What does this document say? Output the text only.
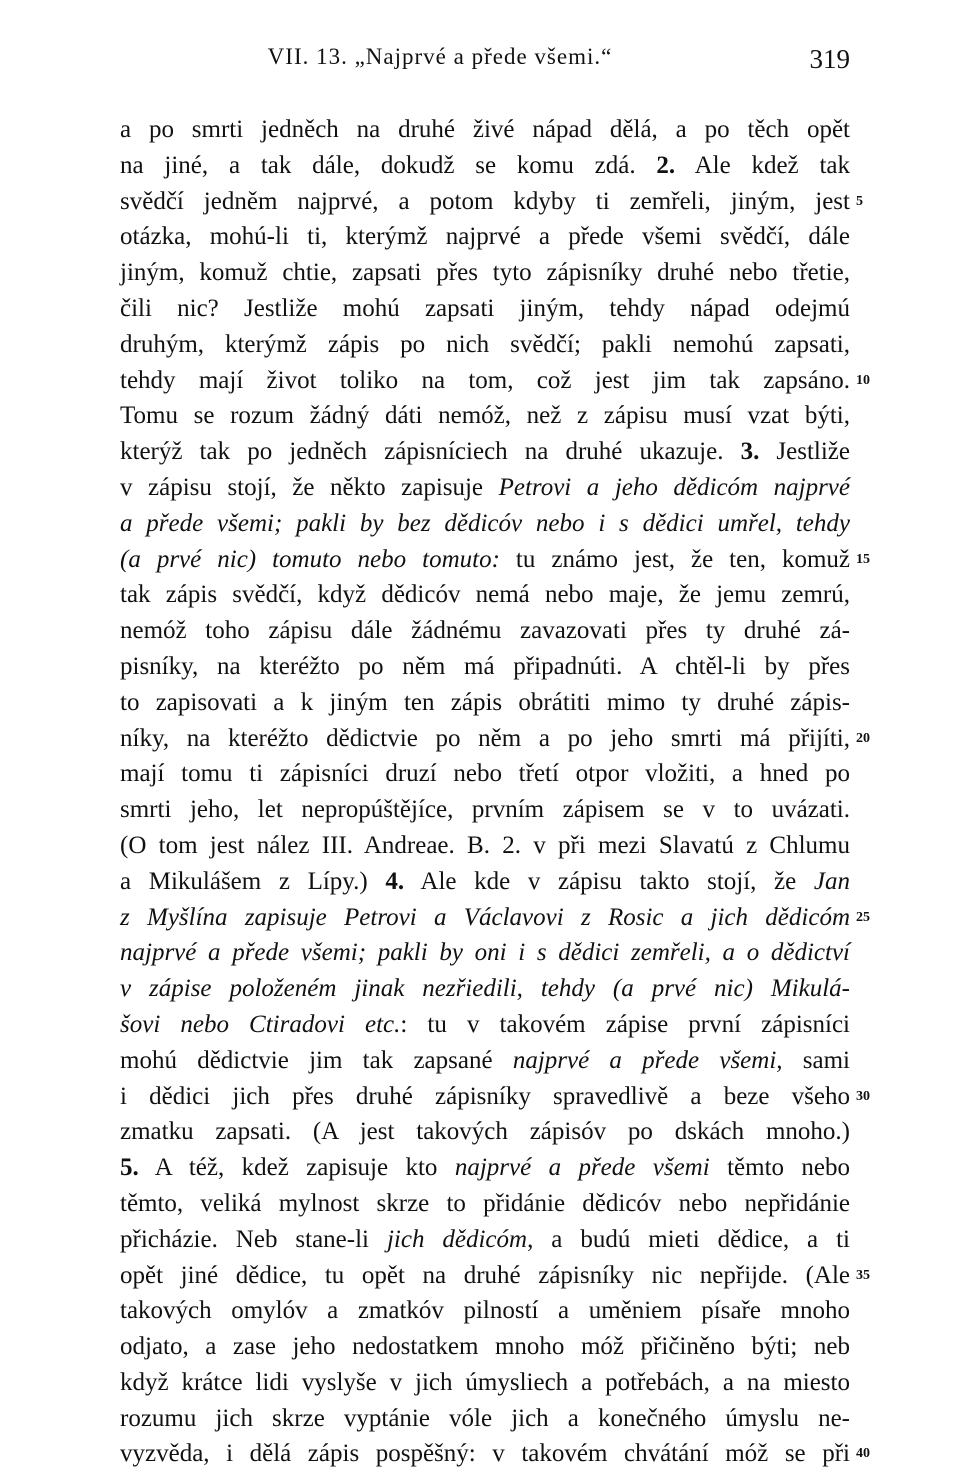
VII. 13. „Najprvé a přede všemi.“	319
a po smrti jedněch na druhé živé nápad dělá, a po těch opět
na jiné, a tak dále, dokudž se komu zdá. 2. Ale kdež tak
svědčí jedněm najprvé, a potom kdyby ti zemřeli, jiným, jest 5
otázka, mohú-li ti, kterýmž najprvé a přede všemi svědčí, dále
jiným, komuž chtie, zapsati přes tyto zápisníky druhé nebo třetie,
čili nic? Jestliže mohú zapsati jiným, tehdy nápad odejmú
druhým, kterýmž zápis po nich svědčí; pakli nemohú zapsati,
tehdy mají život toliko na tom, což jest jim tak zapsáno. 10
Tomu se rozum žádný dáti nemóž, než z zápisu musí vzat býti,
kterýž tak po jedněch zápisníciech na druhé ukazuje. 3. Jestliže
v zápisu stojí, že někto zapisuje Petrovi a jeho dědicóm najprvé
a přede všemi; pakli by bez dědicóv nebo i s dědici umřel, tehdy
(a prvé nic) tomuto nebo tomuto: tu známo jest, že ten, komuž 15
tak zápis svědčí, když dědicóv nemá nebo maje, že jemu zemrú,
nemóž toho zápisu dále žádnému zavazovati přes ty druhé zá-
pisníky, na kteréžto po něm má připadnúti. A chtěl-li by přes
to zapisovati a k jiným ten zápis obrátiti mimo ty druhé zápis-
níky, na kteréžto dědictvie po něm a po jeho smrti má přijíti, 20
mají tomu ti zápisníci druzí nebo třetí otpor vložiti, a hned po
smrti jeho, let nepropúštějíce, prvním zápisem se v to uvázati.
(O tom jest nález III. Andreae. B. 2. v při mezi Slavatú z Chlumu
a Mikulášem z Lípy.) 4. Ale kde v zápisu takto stojí, že Jan
z Myšlína zapisuje Petrovi a Václavovi z Rosic a jich dědicóm 25
najprvé a přede všemi; pakli by oni i s dědici zemřeli, a o dědictví
v zápise položeném jinak nezřiedili, tehdy (a prvé nic) Mikulá-
šovi nebo Ctiradovi etc.: tu v takovém zápise první zápisníci
mohú dědictvie jim tak zapsané najprvé a přede všemi, sami
i dědici jich přes druhé zápisníky spravedlivě a beze všeho 30
zmatku zapsati. (A jest takových zápisóv po dskách mnoho.)
5. A též, kdež zapisuje kto najprvé a přede všemi těmto nebo
těmto, veliká mylnost skrze to přidánie dědicóv nebo nepřidánie
přicházie. Neb stane-li jich dědicóm, a budú mieti dědice, a ti
opět jiné dědice, tu opět na druhé zápisníky nic nepřijde. (Ale 35
takových omylóv a zmatkóv pilností a uměniem písaře mnoho
odjato, a zase jeho nedostatkem mnoho móž přičiněno býti; neb
když krátce lidi vyslyše v jich úmysliech a potřebách, a na miesto
rozumu jich skrze vyptánie vóle jich a konečného úmyslu ne-
vyzvěda, i dělá zápis pospěšný: v takovém chvátání móž se při 40
